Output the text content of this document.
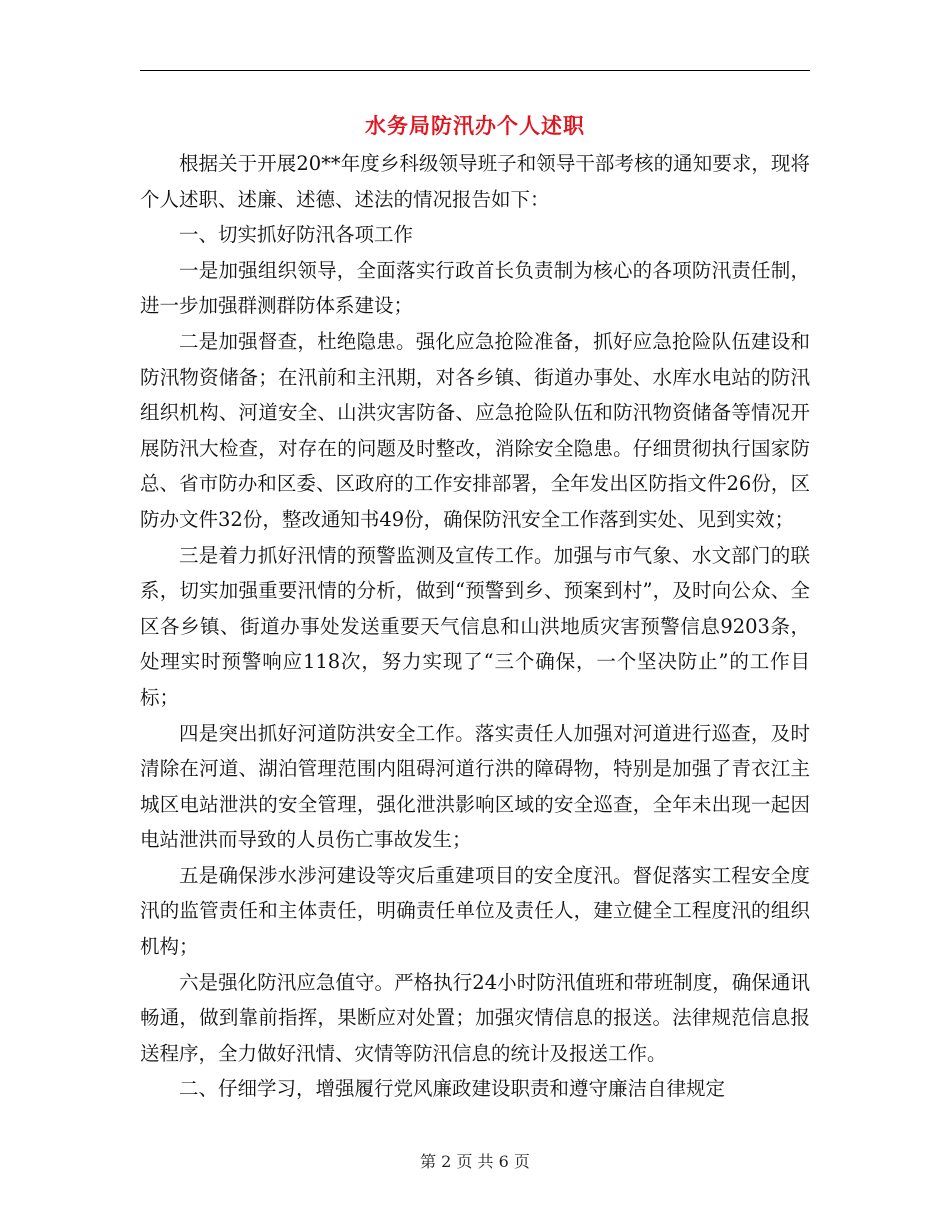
水务局防汛办个人述职

根据关于开展20**年度乡科级领导班子和领导干部考核的通知要求，现将个人述职、述廉、述德、述法的情况报告如下：

一、切实抓好防汛各项工作

一是加强组织领导，全面落实行政首长负责制为核心的各项防汛责任制，进一步加强群测群防体系建设；

二是加强督查，杜绝隐患。强化应急抢险准备，抓好应急抢险队伍建设和防汛物资储备；在汛前和主汛期，对各乡镇、街道办事处、水库水电站的防汛组织机构、河道安全、山洪灾害防备、应急抢险队伍和防汛物资储备等情况开展防汛大检查，对存在的问题及时整改，消除安全隐患。仔细贯彻执行国家防总、省市防办和区委、区政府的工作安排部署，全年发出区防指文件26份，区防办文件32份，整改通知书49份，确保防汛安全工作落到实处、见到实效；

三是着力抓好汛情的预警监测及宣传工作。加强与市气象、水文部门的联系，切实加强重要汛情的分析，做到“预警到乡、预案到村”，及时向公众、全区各乡镇、街道办事处发送重要天气信息和山洪地质灾害预警信息9203条，处理实时预警响应118次，努力实现了“三个确保，一个坚决防止”的工作目标；

四是突出抓好河道防洪安全工作。落实责任人加强对河道进行巡查，及时清除在河道、湖泊管理范围内阻碍河道行洪的障碍物，特别是加强了青衣江主城区电站泄洪的安全管理，强化泄洪影响区域的安全巡查，全年未出现一起因电站泄洪而导致的人员伤亡事故发生；

五是确保涉水涉河建设等灾后重建项目的安全度汛。督促落实工程安全度汛的监管责任和主体责任，明确责任单位及责任人，建立健全工程度汛的组织机构；

六是强化防汛应急值守。严格执行24小时防汛值班和带班制度，确保通讯畅通，做到靠前指挥，果断应对处置；加强灾情信息的报送。法律规范信息报送程序，全力做好汛情、灾情等防汛信息的统计及报送工作。

二、仔细学习，增强履行党风廉政建设职责和遵守廉洁自律规定

第 2 页 共 6 页
